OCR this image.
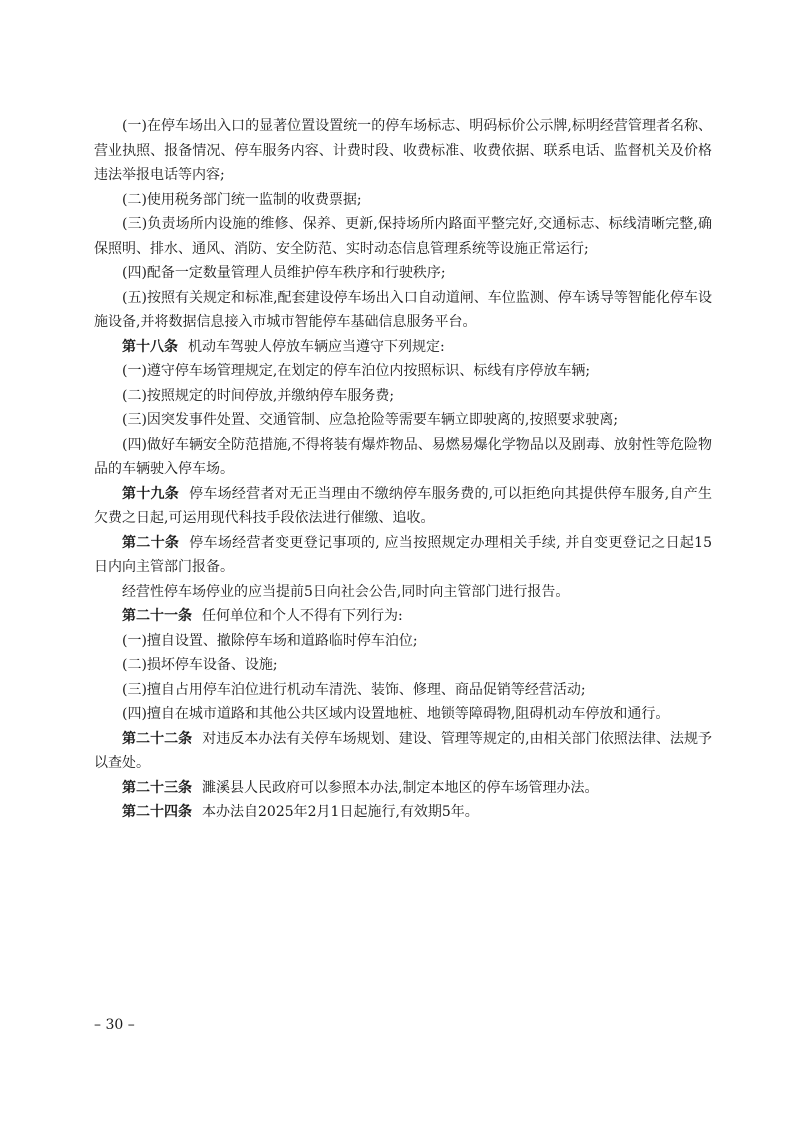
(一)在停车场出入口的显著位置设置统一的停车场标志、明码标价公示牌,标明经营管理者名称、营业执照、报备情况、停车服务内容、计费时段、收费标准、收费依据、联系电话、监督机关及价格违法举报电话等内容;

(二)使用税务部门统一监制的收费票据;

(三)负责场所内设施的维修、保养、更新,保持场所内路面平整完好,交通标志、标线清晰完整,确保照明、排水、通风、消防、安全防范、实时动态信息管理系统等设施正常运行;

(四)配备一定数量管理人员维护停车秩序和行驶秩序;

(五)按照有关规定和标准,配套建设停车场出入口自动道闸、车位监测、停车诱导等智能化停车设施设备,并将数据信息接入市城市智能停车基础信息服务平台。

第十八条 机动车驾驶人停放车辆应当遵守下列规定:

(一)遵守停车场管理规定,在划定的停车泊位内按照标识、标线有序停放车辆;

(二)按照规定的时间停放,并缴纳停车服务费;

(三)因突发事件处置、交通管制、应急抢险等需要车辆立即驶离的,按照要求驶离;

(四)做好车辆安全防范措施,不得将装有爆炸物品、易燃易爆化学物品以及剧毒、放射性等危险物品的车辆驶入停车场。

第十九条 停车场经营者对无正当理由不缴纳停车服务费的,可以拒绝向其提供停车服务,自产生欠费之日起,可运用现代科技手段依法进行催缴、追收。

第二十条 停车场经营者变更登记事项的, 应当按照规定办理相关手续, 并自变更登记之日起15日内向主管部门报备。

经营性停车场停业的应当提前5日向社会公告,同时向主管部门进行报告。

第二十一条 任何单位和个人不得有下列行为:

(一)擅自设置、撤除停车场和道路临时停车泊位;

(二)损坏停车设备、设施;

(三)擅自占用停车泊位进行机动车清洗、装饰、修理、商品促销等经营活动;

(四)擅自在城市道路和其他公共区域内设置地桩、地锁等障碍物,阻碍机动车停放和通行。

第二十二条 对违反本办法有关停车场规划、建设、管理等规定的,由相关部门依照法律、法规予以查处。

第二十三条 濉溪县人民政府可以参照本办法,制定本地区的停车场管理办法。

第二十四条 本办法自2025年2月1日起施行,有效期5年。

– 30 –
